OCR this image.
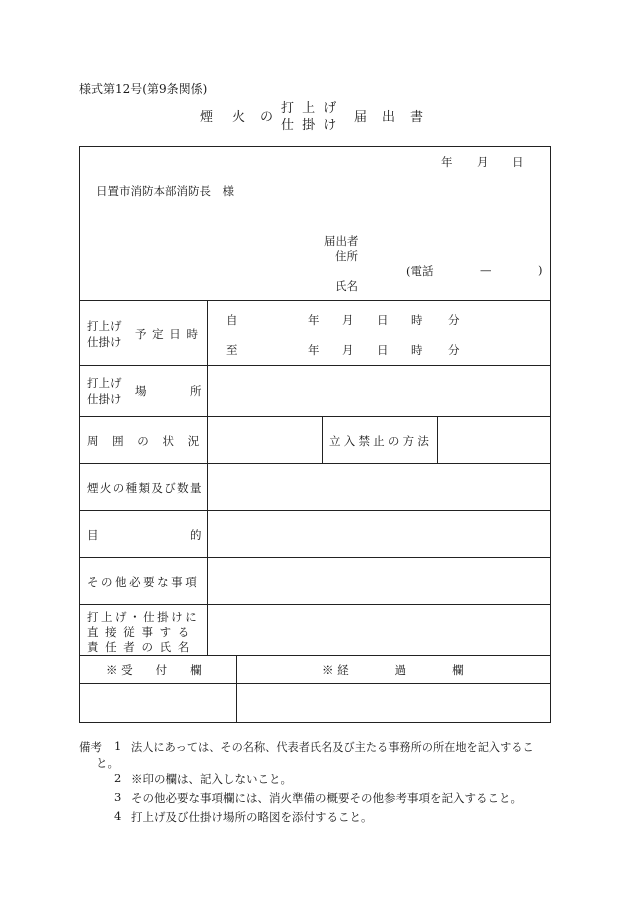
様式第12号(第9条関係)
煙 火 の
打 上 げ
仕 掛 け
届 出 書
年 月 日
日置市消防本部消防長　様
届出者
住所
(電話	—	)
氏名
打上げ
仕掛け
予 定 日 時
自	年 月 日 時 分
至	年 月 日 時 分
打上げ
仕掛け
場	所
周 囲 の 状 況	立入禁止の方法
煙火の種類及び数量
目	的
その他必要な事項
打上げ・仕掛けに
直 接 従 事 す る
責 任 者 の 氏 名
※ 受　　付　　欄	※ 経　　　　過　　　　欄
備考 1 法人にあっては、その名称、代表者氏名及び主たる事務所の所在地を記入するこ
と。
2 ※印の欄は、記入しないこと。
3 その他必要な事項欄には、消火準備の概要その他参考事項を記入すること。
4 打上げ及び仕掛け場所の略図を添付すること。
